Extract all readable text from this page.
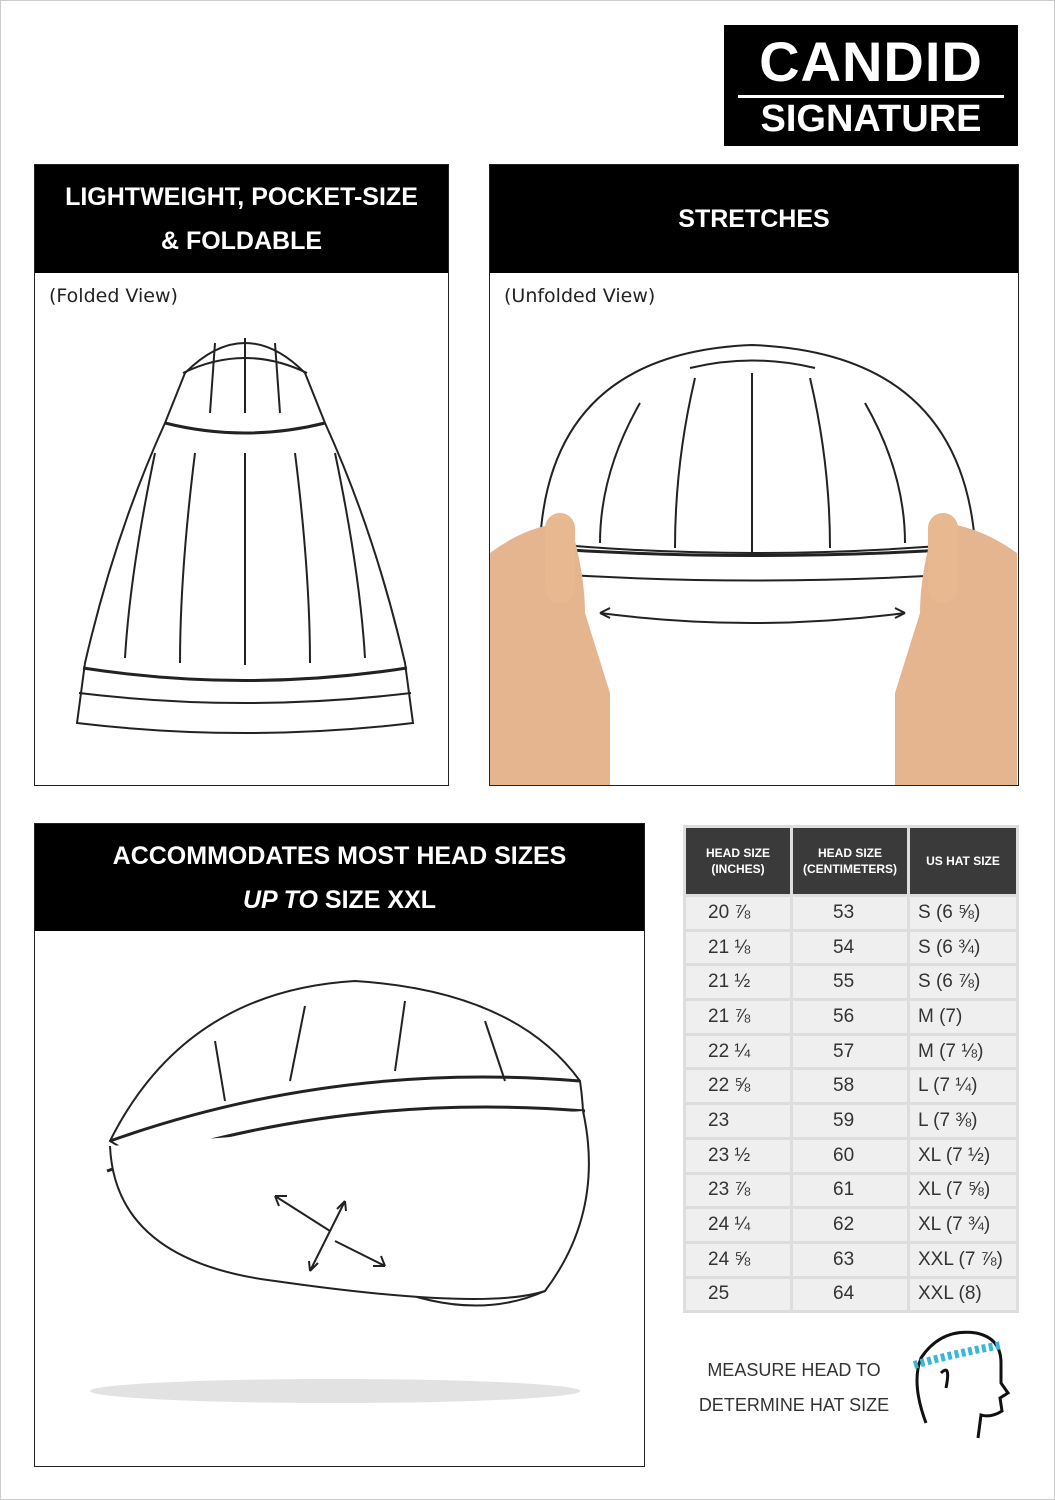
CANDID
SIGNATURE
LIGHTWEIGHT, POCKET-SIZE
& FOLDABLE
(Folded View)
STRETCHES
(Unfolded View)
ACCOMMODATES MOST HEAD SIZES
UP TO SIZE XXL
HEAD SIZE (INCHES)	HEAD SIZE (CENTIMETERS)	US HAT SIZE
20 ⅞	53	S (6 ⅝)
21 ⅛	54	S (6 ¾)
21 ½	55	S (6 ⅞)
21 ⅞	56	M (7)
22 ¼	57	M (7 ⅛)
22 ⅝	58	L (7 ¼)
23	59	L (7 ⅜)
23 ½	60	XL (7 ½)
23 ⅞	61	XL (7 ⅝)
24 ¼	62	XL (7 ¾)
24 ⅝	63	XXL (7 ⅞)
25	64	XXL (8)
MEASURE HEAD TO
DETERMINE HAT SIZE
